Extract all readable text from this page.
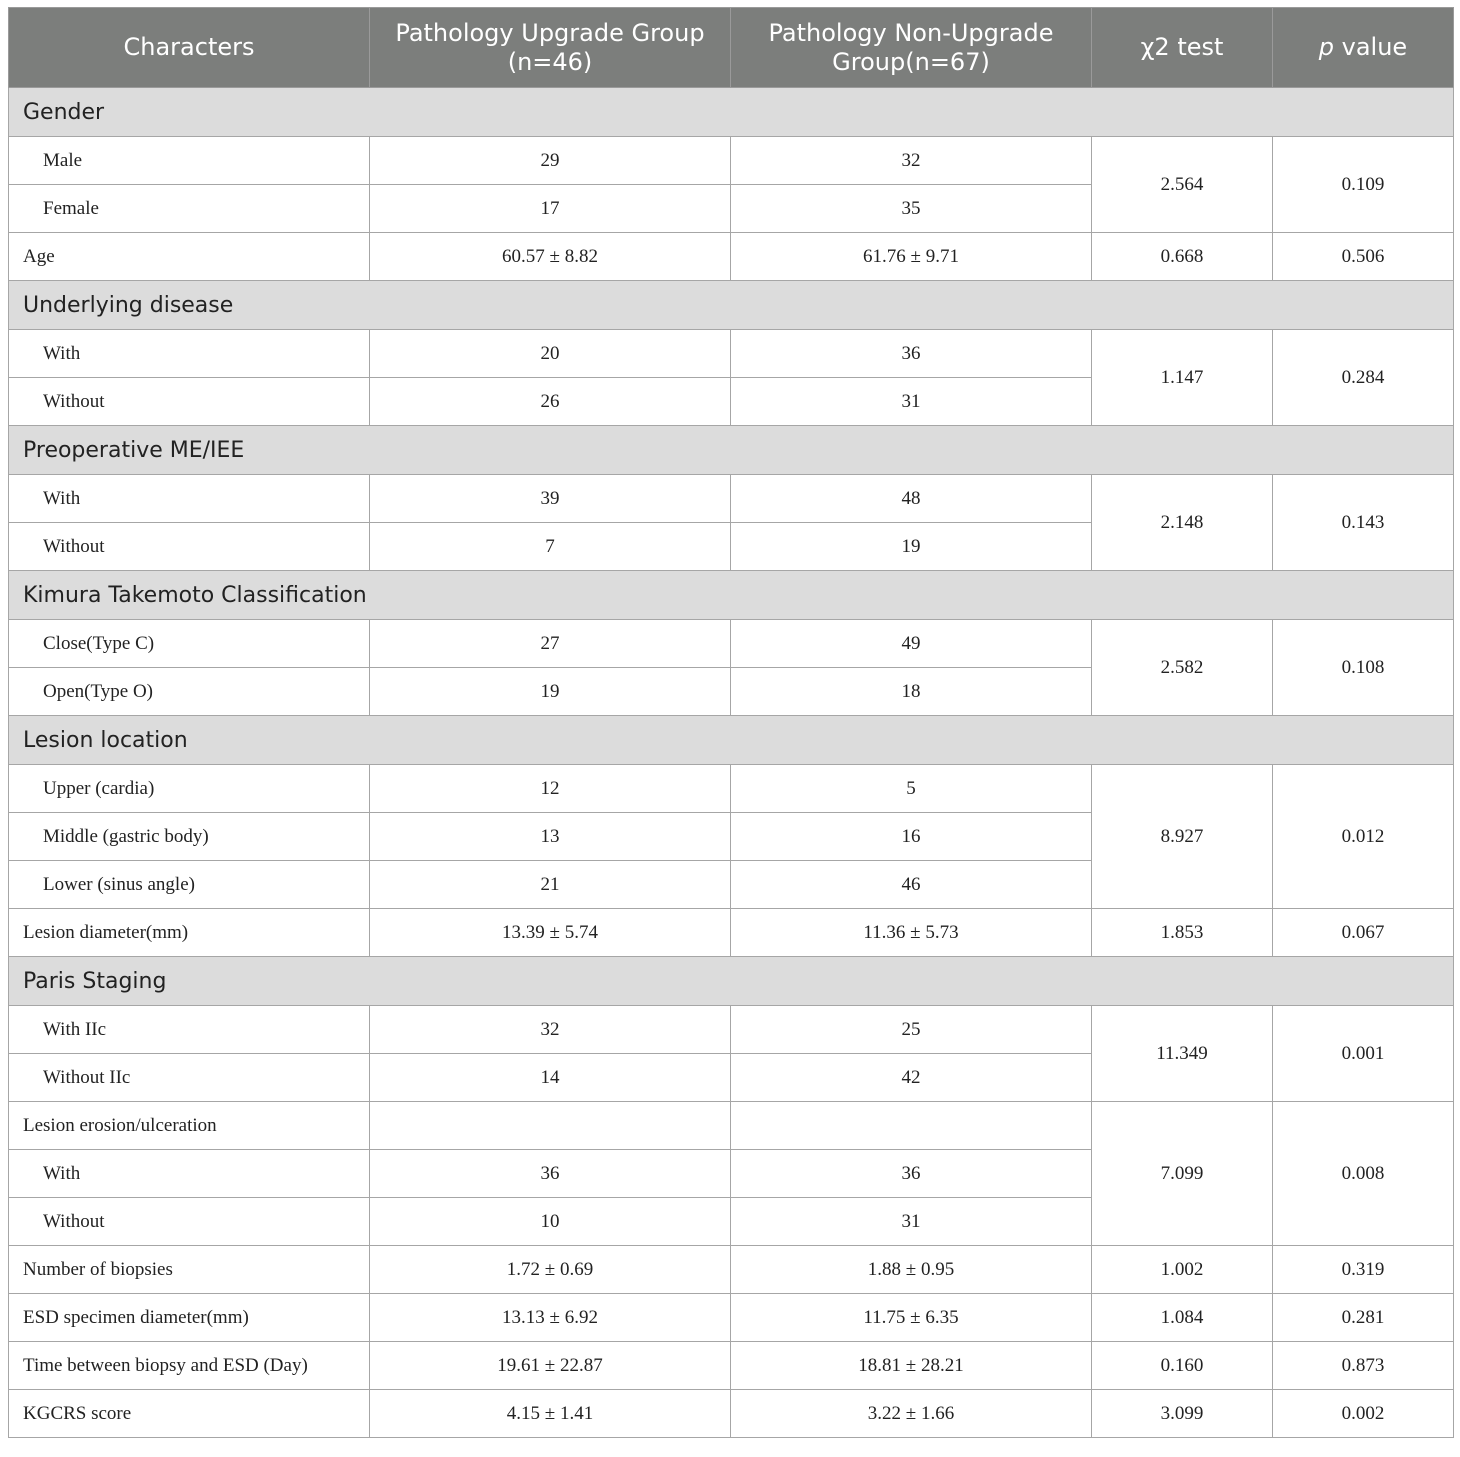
Characters	Pathology Upgrade Group (n=46)	Pathology Non-Upgrade Group(n=67)	χ2 test	p value
Gender				
Male	29	32	2.564	0.109
Female	17	35		
Age	60.57 ± 8.82	61.76 ± 9.71	0.668	0.506
Underlying disease				
With	20	36	1.147	0.284
Without	26	31		
Preoperative ME/IEE				
With	39	48	2.148	0.143
Without	7	19		
Kimura Takemoto Classification				
Close(Type C)	27	49	2.582	0.108
Open(Type O)	19	18		
Lesion location				
Upper (cardia)	12	5	8.927	0.012
Middle (gastric body)	13	16		
Lower (sinus angle)	21	46		
Lesion diameter(mm)	13.39 ± 5.74	11.36 ± 5.73	1.853	0.067
Paris Staging				
With IIc	32	25	11.349	0.001
Without IIc	14	42		
Lesion erosion/ulceration			7.099	0.008
With	36	36		
Without	10	31		
Number of biopsies	1.72 ± 0.69	1.88 ± 0.95	1.002	0.319
ESD specimen diameter(mm)	13.13 ± 6.92	11.75 ± 6.35	1.084	0.281
Time between biopsy and ESD (Day)	19.61 ± 22.87	18.81 ± 28.21	0.160	0.873
KGCRS score	4.15 ± 1.41	3.22 ± 1.66	3.099	0.002
